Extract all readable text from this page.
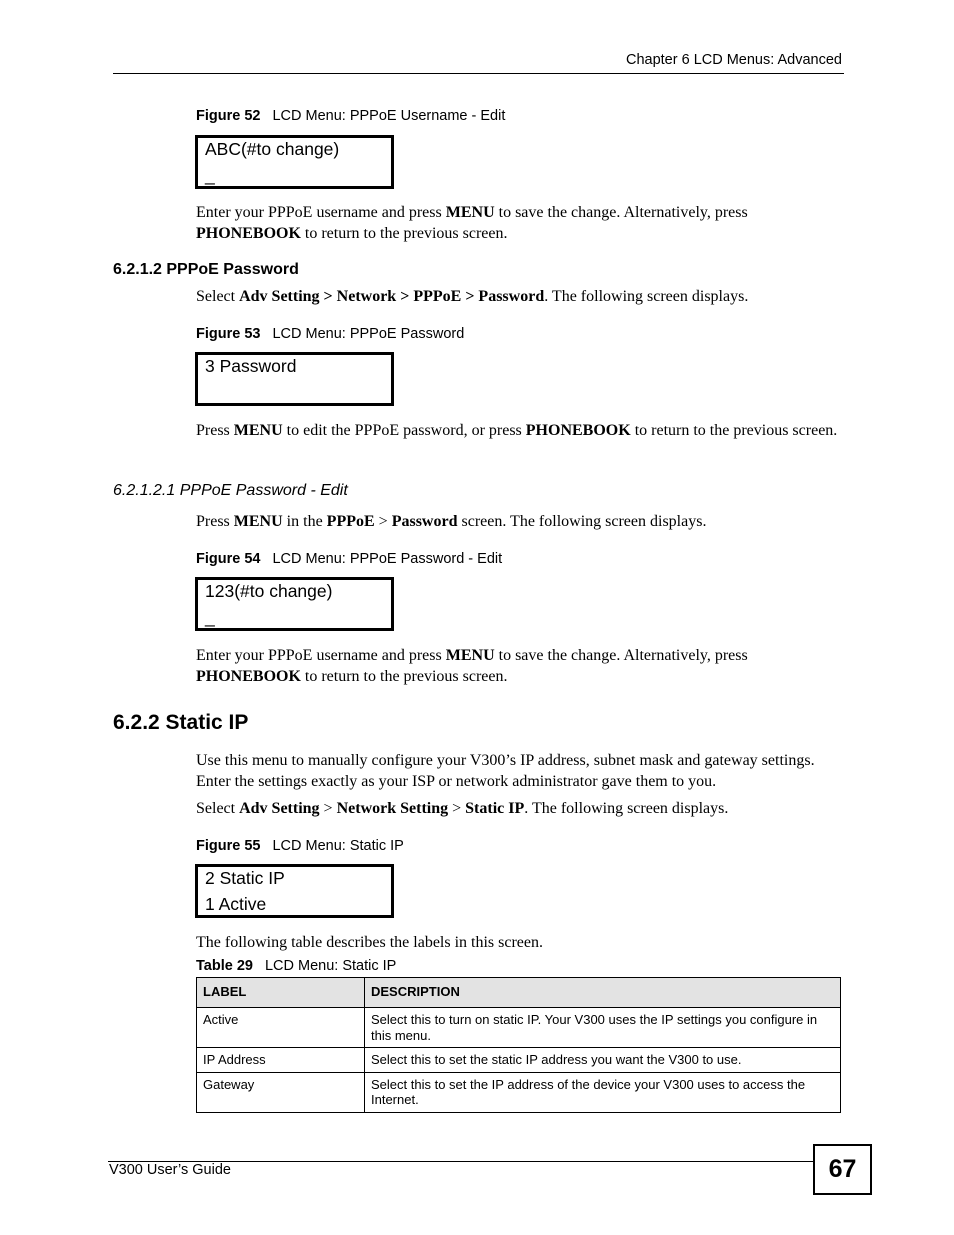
Chapter 6 LCD Menus: Advanced
Figure 52 LCD Menu: PPPoE Username - Edit
ABC(#to change)
_
Enter your PPPoE username and press MENU to save the change. Alternatively, press
PHONEBOOK to return to the previous screen.
6.2.1.2 PPPoE Password
Select Adv Setting > Network > PPPoE > Password. The following screen displays.
Figure 53 LCD Menu: PPPoE Password
3 Password
Press MENU to edit the PPPoE password, or press PHONEBOOK to return to the previous screen.
6.2.1.2.1 PPPoE Password - Edit
Press MENU in the PPPoE > Password screen. The following screen displays.
Figure 54 LCD Menu: PPPoE Password - Edit
123(#to change)
_
Enter your PPPoE username and press MENU to save the change. Alternatively, press
PHONEBOOK to return to the previous screen.
6.2.2 Static IP
Use this menu to manually configure your V300’s IP address, subnet mask and gateway settings. Enter the settings exactly as your ISP or network administrator gave them to you.
Select Adv Setting > Network Setting > Static IP. The following screen displays.
Figure 55 LCD Menu: Static IP
2 Static IP
1 Active
The following table describes the labels in this screen.
Table 29 LCD Menu: Static IP
LABEL	DESCRIPTION
Active	Select this to turn on static IP. Your V300 uses the IP settings you configure in this menu.
IP Address	Select this to set the static IP address you want the V300 to use.
Gateway	Select this to set the IP address of the device your V300 uses to access the Internet.
V300 User’s Guide	67
